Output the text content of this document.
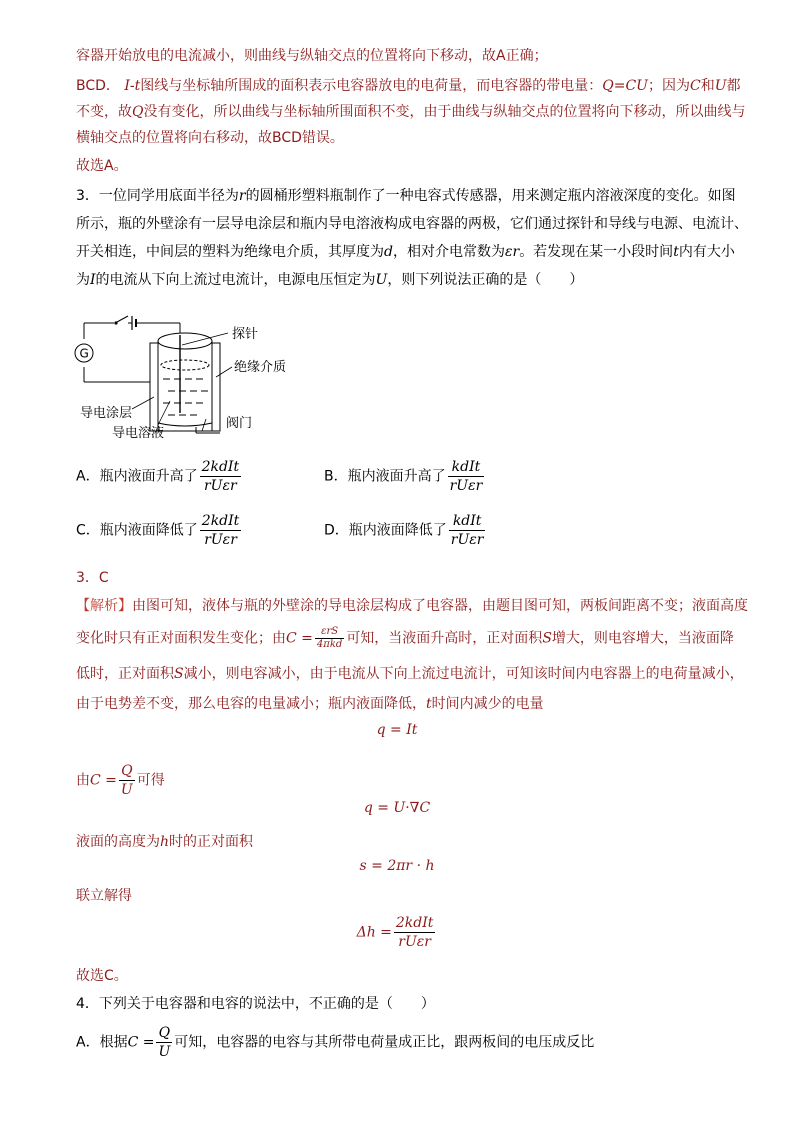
容器开始放电的电流减小，则曲线与纵轴交点的位置将向下移动，故A正确；
BCD． I-t图线与坐标轴所围成的面积表示电容器放电的电荷量，而电容器的带电量：Q=CU；因为C和U都
不变，故Q没有变化，所以曲线与坐标轴所围面积不变，由于曲线与纵轴交点的位置将向下移动，所以曲线与
横轴交点的位置将向右移动，故BCD错误。
故选A。
3．一位同学用底面半径为r的圆桶形塑料瓶制作了一种电容式传感器，用来测定瓶内溶液深度的变化。如图
所示，瓶的外壁涂有一层导电涂层和瓶内导电溶液构成电容器的两极，它们通过探针和导线与电源、电流计、
开关相连，中间层的塑料为绝缘电介质，其厚度为d，相对介电常数为εr。若发现在某一小段时间t内有大小
为I的电流从下向上流过电流计，电源电压恒定为U，则下列说法正确的是（　　）
G
探针
绝缘介质
导电涂层
导电溶液
阀门
A．瓶内液面升高了 $\frac{\text{2kdIt}}{\text{rUεr}}$	B．瓶内液面升高了 $\frac{\text{kdIt}}{\text{rUεr}}$
C．瓶内液面降低了 $\frac{\text{2kdIt}}{\text{rUεr}}$	D．瓶内液面降低了 $\frac{\text{kdIt}}{\text{rUεr}}$
3．C
【解析】由图可知，液体与瓶的外壁涂的导电涂层构成了电容器，由题目图可知，两板间距离不变；液面高度
变化时只有正对面积发生变化；由$C = \frac{\text{εrS}}{\text{4πkd}}$ 可知，当液面升高时，正对面积S增大，则电容增大，当液面降
低时，正对面积S减小，则电容减小，由于电流从下向上流过电流计，可知该时间内电容器上的电荷量减小，
由于电势差不变，那么电容的电量减小；瓶内液面降低，t时间内减少的电量
q = It
由$C = \frac{Q}{U}$ 可得
q = U·∇C
液面的高度为h时的正对面积
s = 2πr · h
联立解得
$\Delta h = \frac{\text{2kdIt}}{\text{rUεr}}$
故选C。
4．下列关于电容器和电容的说法中，不正确的是（　　）
A．根据$C = \frac{Q}{U}$ 可知，电容器的电容与其所带电荷量成正比，跟两板间的电压成反比
